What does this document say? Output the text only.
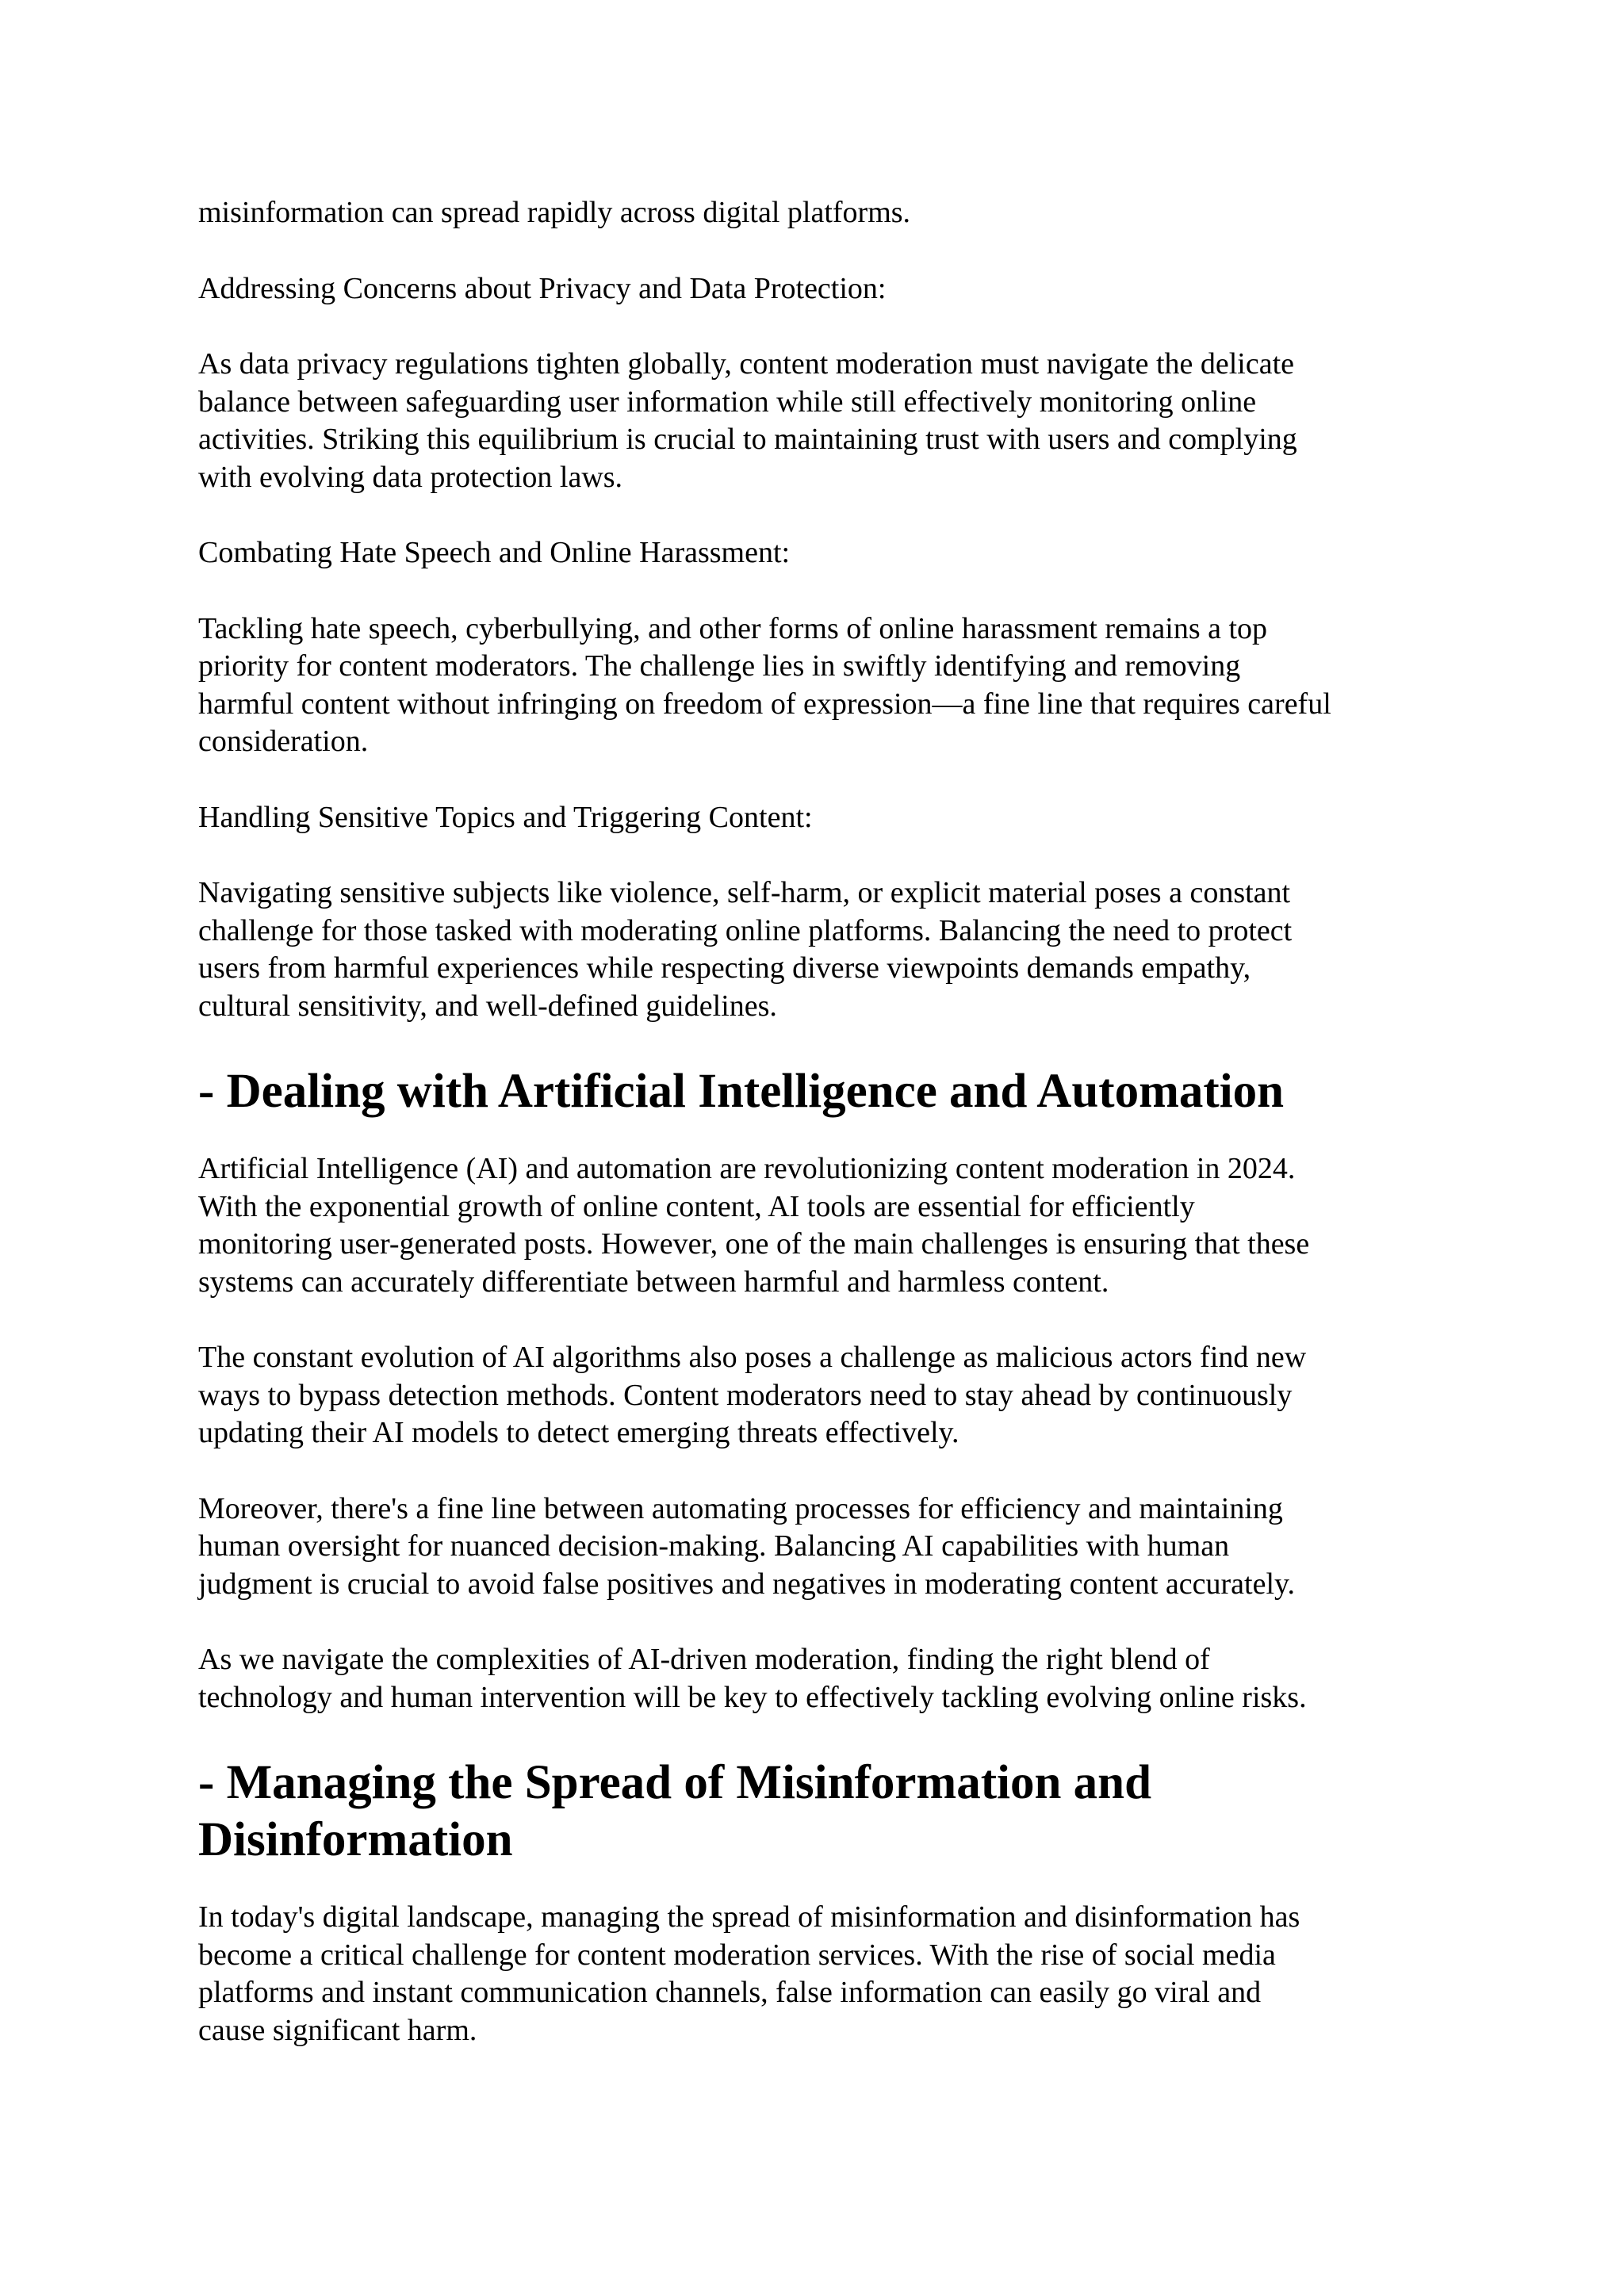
misinformation can spread rapidly across digital platforms.

Addressing Concerns about Privacy and Data Protection:

As data privacy regulations tighten globally, content moderation must navigate the delicate
balance between safeguarding user information while still effectively monitoring online
activities. Striking this equilibrium is crucial to maintaining trust with users and complying
with evolving data protection laws.

Combating Hate Speech and Online Harassment:

Tackling hate speech, cyberbullying, and other forms of online harassment remains a top
priority for content moderators. The challenge lies in swiftly identifying and removing
harmful content without infringing on freedom of expression—a fine line that requires careful
consideration.

Handling Sensitive Topics and Triggering Content:

Navigating sensitive subjects like violence, self-harm, or explicit material poses a constant
challenge for those tasked with moderating online platforms. Balancing the need to protect
users from harmful experiences while respecting diverse viewpoints demands empathy,
cultural sensitivity, and well-defined guidelines.

- Dealing with Artificial Intelligence and Automation

Artificial Intelligence (AI) and automation are revolutionizing content moderation in 2024.
With the exponential growth of online content, AI tools are essential for efficiently
monitoring user-generated posts. However, one of the main challenges is ensuring that these
systems can accurately differentiate between harmful and harmless content.

The constant evolution of AI algorithms also poses a challenge as malicious actors find new
ways to bypass detection methods. Content moderators need to stay ahead by continuously
updating their AI models to detect emerging threats effectively.

Moreover, there's a fine line between automating processes for efficiency and maintaining
human oversight for nuanced decision-making. Balancing AI capabilities with human
judgment is crucial to avoid false positives and negatives in moderating content accurately.

As we navigate the complexities of AI-driven moderation, finding the right blend of
technology and human intervention will be key to effectively tackling evolving online risks.

- Managing the Spread of Misinformation and
Disinformation

In today's digital landscape, managing the spread of misinformation and disinformation has
become a critical challenge for content moderation services. With the rise of social media
platforms and instant communication channels, false information can easily go viral and
cause significant harm.
